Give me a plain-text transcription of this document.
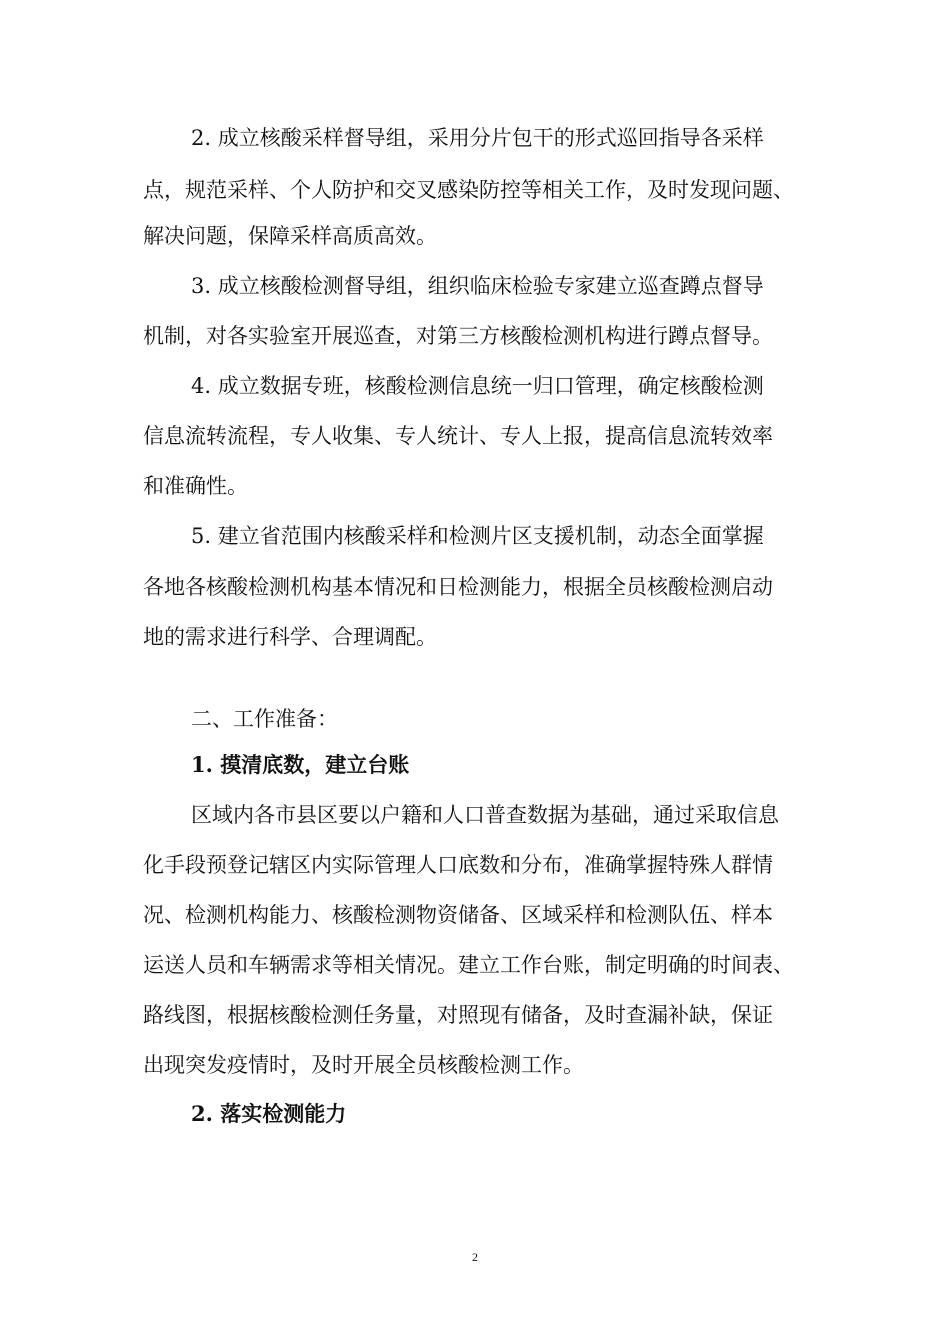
2. 成立核酸采样督导组，采用分片包干的形式巡回指导各采样
点，规范采样、个人防护和交叉感染防控等相关工作，及时发现问题、
解决问题，保障采样高质高效。
3. 成立核酸检测督导组，组织临床检验专家建立巡查蹲点督导
机制，对各实验室开展巡查，对第三方核酸检测机构进行蹲点督导。
4. 成立数据专班，核酸检测信息统一归口管理，确定核酸检测
信息流转流程，专人收集、专人统计、专人上报，提高信息流转效率
和准确性。
5. 建立省范围内核酸采样和检测片区支援机制，动态全面掌握
各地各核酸检测机构基本情况和日检测能力，根据全员核酸检测启动
地的需求进行科学、合理调配。
二、工作准备：
1. 摸清底数，建立台账
区域内各市县区要以户籍和人口普查数据为基础，通过采取信息
化手段预登记辖区内实际管理人口底数和分布，准确掌握特殊人群情
况、检测机构能力、核酸检测物资储备、区域采样和检测队伍、样本
运送人员和车辆需求等相关情况。建立工作台账，制定明确的时间表、
路线图，根据核酸检测任务量，对照现有储备，及时查漏补缺，保证
出现突发疫情时，及时开展全员核酸检测工作。
2. 落实检测能力
2
